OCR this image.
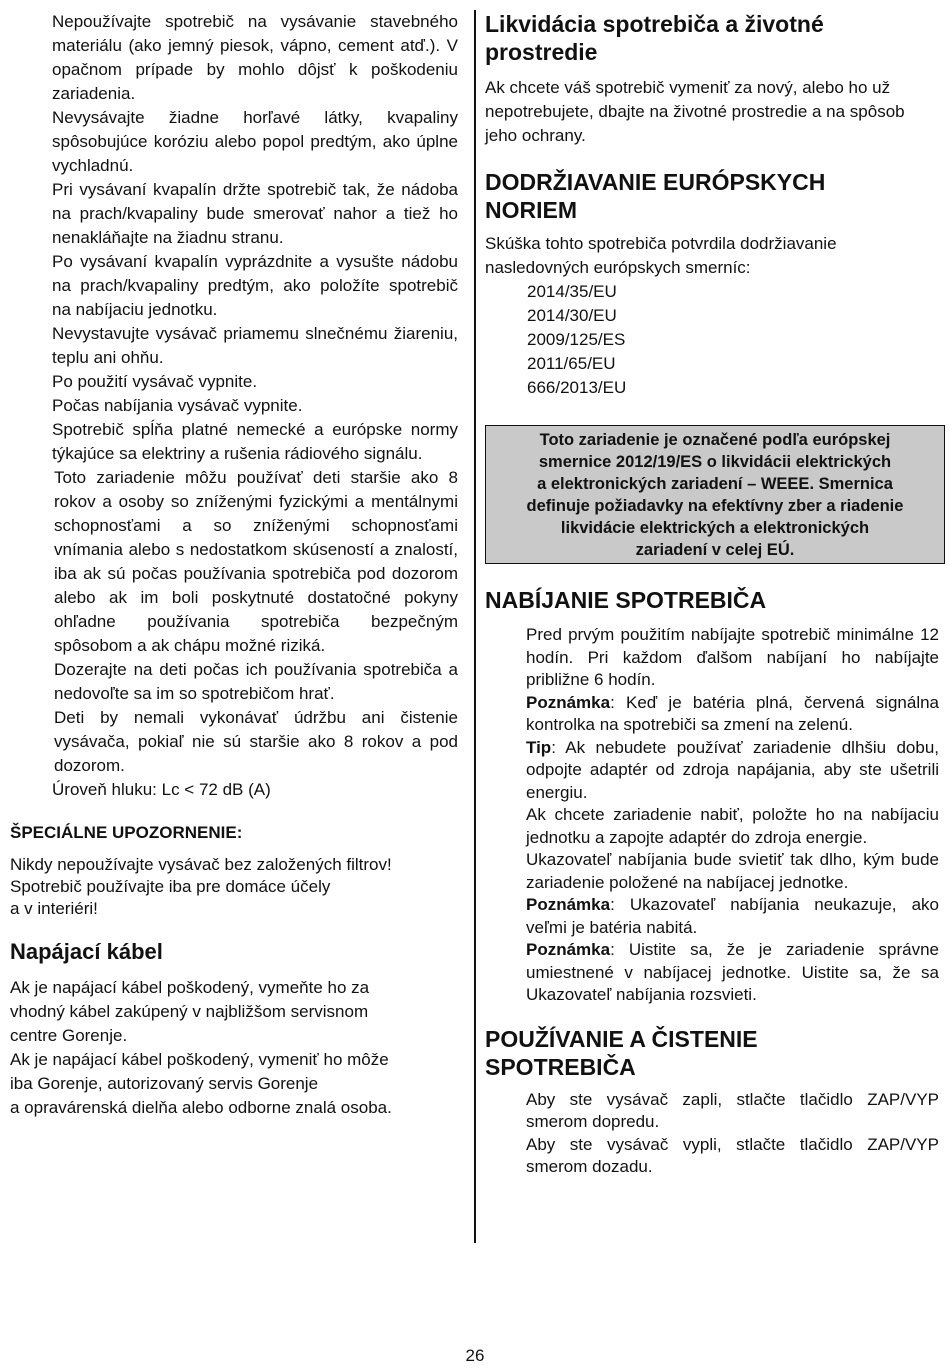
Nepoužívajte spotrebič na vysávanie stavebného materiálu (ako jemný piesok, vápno, cement atď.). V opačnom prípade by mohlo dôjsť k poškodeniu zariadenia.

Nevysávajte žiadne horľavé látky, kvapaliny spôsobujúce koróziu alebo popol predtým, ako úplne vychladnú.

Pri vysávaní kvapalín držte spotrebič tak, že nádoba na prach/kvapaliny bude smerovať nahor a tiež ho nenakláňajte na žiadnu stranu.

Po vysávaní kvapalín vyprázdnite a vysušte nádobu na prach/kvapaliny predtým, ako položíte spotrebič na nabíjaciu jednotku.

Nevystavujte vysávač priamemu slnečnému žiareniu, teplu ani ohňu.

Po použití vysávač vypnite.

Počas nabíjania vysávač vypnite.

Spotrebič spĺňa platné nemecké a európske normy týkajúce sa elektriny a rušenia rádiového signálu.

Toto zariadenie môžu používať deti staršie ako 8 rokov a osoby so zníženými fyzickými a mentálnymi schopnosťami a so zníženými schopnosťami vnímania alebo s nedostatkom skúseností a znalostí, iba ak sú počas používania spotrebiča pod dozorom alebo ak im boli poskytnuté dostatočné pokyny ohľadne používania spotrebiča bezpečným spôsobom a ak chápu možné riziká.

Dozerajte na deti počas ich používania spotrebiča a nedovoľte sa im so spotrebičom hrať.

Deti by nemali vykonávať údržbu ani čistenie vysávača, pokiaľ nie sú staršie ako 8 rokov a pod dozorom.

Úroveň hluku: Lc < 72 dB (A)

ŠPECIÁLNE UPOZORNENIE:

Nikdy nepoužívajte vysávač bez založených filtrov!

Spotrebič používajte iba pre domáce účely

a v interiéri!

Napájací kábel

Ak je napájací kábel poškodený, vymeňte ho za

vhodný kábel zakúpený v najbližšom servisnom

centre Gorenje.

Ak je napájací kábel poškodený, vymeniť ho môže

iba Gorenje, autorizovaný servis Gorenje

a opravárenská dielňa alebo odborne znalá osoba.

Likvidácia spotrebiča a životné prostredie

Ak chcete váš spotrebič vymeniť za nový, alebo ho už nepotrebujete, dbajte na životné prostredie a na spôsob jeho ochrany.

DODRŽIAVANIE EURÓPSKYCH NORIEM

Skúška tohto spotrebiča potvrdila dodržiavanie

nasledovných európskych smerníc:

2014/35/EU

2014/30/EU

2009/125/ES

2011/65/EU

666/2013/EU

Toto zariadenie je označené podľa európskej
smernice 2012/19/ES o likvidácii elektrických
a elektronických zariadení – WEEE. Smernica
definuje požiadavky na efektívny zber a riadenie
likvidácie elektrických a elektronických
zariadení v celej EÚ.

NABÍJANIE SPOTREBIČA

Pred prvým použitím nabíjajte spotrebič minimálne 12 hodín. Pri každom ďalšom nabíjaní ho nabíjajte približne 6 hodín.

Poznámka: Keď je batéria plná, červená signálna kontrolka na spotrebiči sa zmení na zelenú.

Tip: Ak nebudete používať zariadenie dlhšiu dobu, odpojte adaptér od zdroja napájania, aby ste ušetrili energiu.

Ak chcete zariadenie nabiť, položte ho na nabíjaciu jednotku a zapojte adaptér do zdroja energie.

Ukazovateľ nabíjania bude svietiť tak dlho, kým bude zariadenie položené na nabíjacej jednotke.

Poznámka: Ukazovateľ nabíjania neukazuje, ako veľmi je batéria nabitá.

Poznámka: Uistite sa, že je zariadenie správne umiestnené v nabíjacej jednotke. Uistite sa, že sa Ukazovateľ nabíjania rozsvieti.

POUŽÍVANIE A ČISTENIE SPOTREBIČA

Aby ste vysávač zapli, stlačte tlačidlo ZAP/VYP smerom dopredu.

Aby ste vysávač vypli, stlačte tlačidlo ZAP/VYP smerom dozadu.

26
